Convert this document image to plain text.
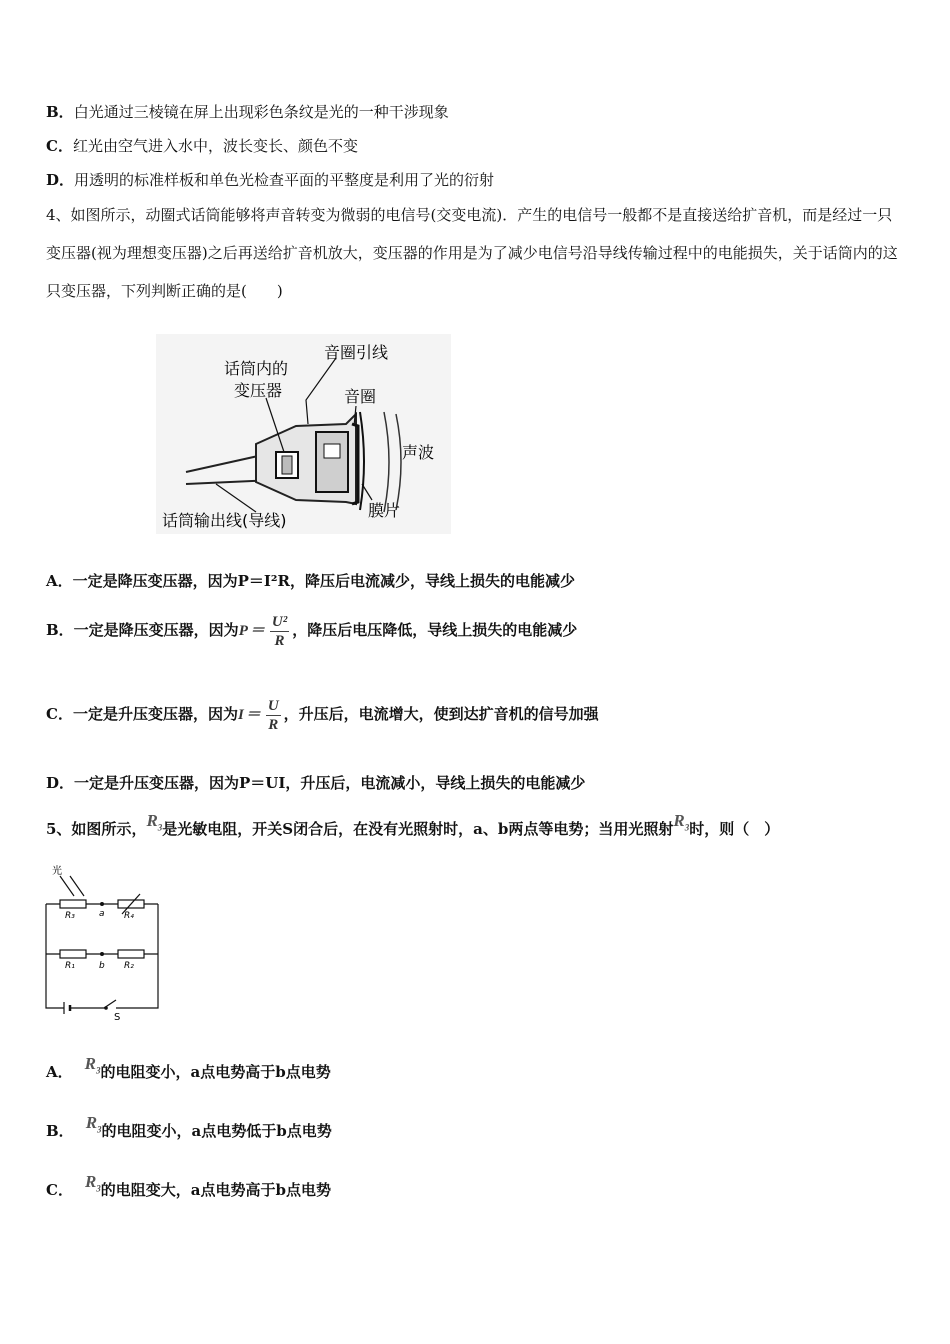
B．白光通过三棱镜在屏上出现彩色条纹是光的一种干涉现象
C．红光由空气进入水中，波长变长、颜色不变
D．用透明的标准样板和单色光检查平面的平整度是利用了光的衍射
4、如图所示，动圈式话筒能够将声音转变为微弱的电信号(交变电流)．产生的电信号一般都不是直接送给扩音机，而是经过一只变压器(视为理想变压器)之后再送给扩音机放大，变压器的作用是为了减少电信号沿导线传输过程中的电能损失，关于话筒内的这只变压器，下列判断正确的是(　　)
话筒内的
变压器
音圈引线
音圈
声波
膜片
话筒输出线(导线)
A．一定是降压变压器，因为P＝I²R，降压后电流减少，导线上损失的电能减少
B．一定是降压变压器，因为$P = \frac{\text{U²}}{R}$ ，降压后电压降低，导线上损失的电能减少
C．一定是升压变压器，因为$I = \frac{U}{R}$ ，升压后，电流增大，使到达扩音机的信号加强
D．一定是升压变压器，因为P＝UI，升压后，电流减小，导线上损失的电能减少
5、如图所示，$R_3$是光敏电阻，开关S闭合后，在没有光照射时，a、b两点等电势；当用光照射$R_3$时，则（　）
光
R₃	a R₄
R₁	b R₂
S
A． $R_3$的电阻变小，a点电势高于b点电势
B． $R_3$的电阻变小，a点电势低于b点电势
C． $R_3$的电阻变大，a点电势高于b点电势
